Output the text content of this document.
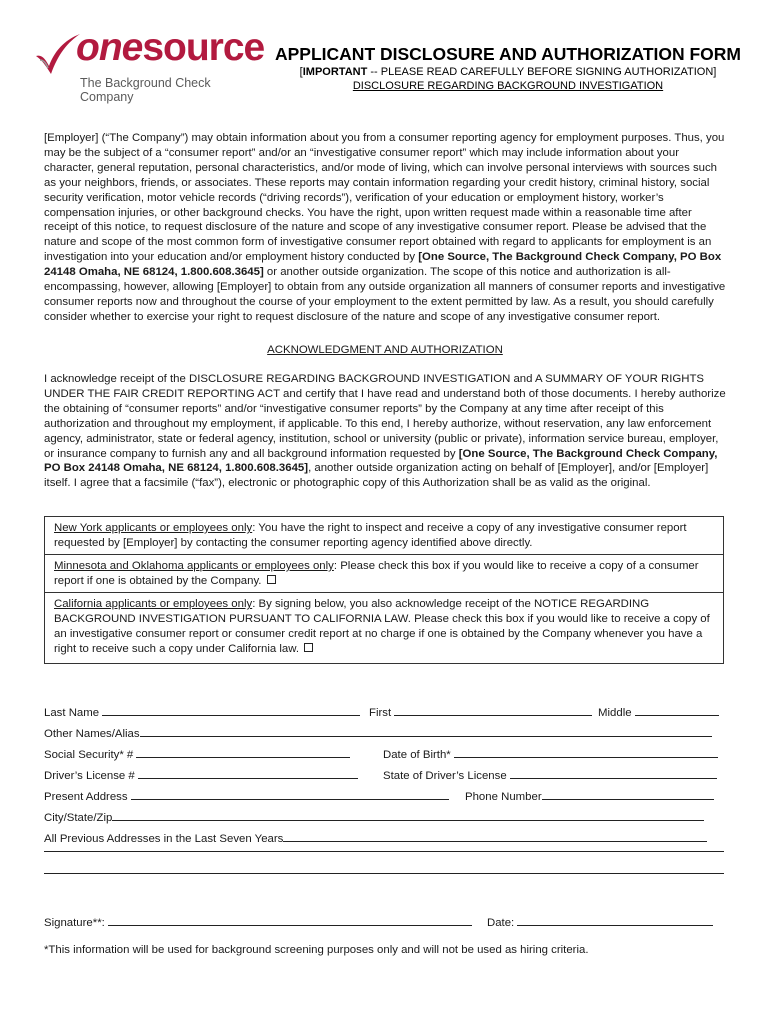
onesource
The Background Check Company
APPLICANT DISCLOSURE AND AUTHORIZATION FORM
[IMPORTANT -- PLEASE READ CAREFULLY BEFORE SIGNING AUTHORIZATION]
DISCLOSURE REGARDING BACKGROUND INVESTIGATION
[Employer] (“The Company”) may obtain information about you from a consumer reporting agency for employment purposes. Thus, you may be the subject of a “consumer report” and/or an “investigative consumer report” which may include information about your character, general reputation, personal characteristics, and/or mode of living, which can involve personal interviews with sources such as your neighbors, friends, or associates. These reports may contain information regarding your credit history, criminal history, social security verification, motor vehicle records (“driving records”), verification of your education or employment history, worker’s compensation injuries, or other background checks. You have the right, upon written request made within a reasonable time after receipt of this notice, to request disclosure of the nature and scope of any investigative consumer report. Please be advised that the nature and scope of the most common form of investigative consumer report obtained with regard to applicants for employment is an investigation into your education and/or employment history conducted by [One Source, The Background Check Company, PO Box 24148 Omaha, NE 68124, 1.800.608.3645] or another outside organization. The scope of this notice and authorization is all-encompassing, however, allowing [Employer] to obtain from any outside organization all manners of consumer reports and investigative consumer reports now and throughout the course of your employment to the extent permitted by law. As a result, you should carefully consider whether to exercise your right to request disclosure of the nature and scope of any investigative consumer report.
ACKNOWLEDGMENT AND AUTHORIZATION
I acknowledge receipt of the DISCLOSURE REGARDING BACKGROUND INVESTIGATION and A SUMMARY OF YOUR RIGHTS UNDER THE FAIR CREDIT REPORTING ACT and certify that I have read and understand both of those documents. I hereby authorize the obtaining of “consumer reports” and/or “investigative consumer reports” by the Company at any time after receipt of this authorization and throughout my employment, if applicable. To this end, I hereby authorize, without reservation, any law enforcement agency, administrator, state or federal agency, institution, school or university (public or private), information service bureau, employer, or insurance company to furnish any and all background information requested by [One Source, The Background Check Company, PO Box 24148 Omaha, NE 68124, 1.800.608.3645], another outside organization acting on behalf of [Employer], and/or [Employer] itself. I agree that a facsimile (“fax”), electronic or photographic copy of this Authorization shall be as valid as the original.
New York applicants or employees only: You have the right to inspect and receive a copy of any investigative consumer report requested by [Employer] by contacting the consumer reporting agency identified above directly.
Minnesota and Oklahoma applicants or employees only: Please check this box if you would like to receive a copy of a consumer report if one is obtained by the Company.
California applicants or employees only: By signing below, you also acknowledge receipt of the NOTICE REGARDING BACKGROUND INVESTIGATION PURSUANT TO CALIFORNIA LAW. Please check this box if you would like to receive a copy of an investigative consumer report or consumer credit report at no charge if one is obtained by the Company whenever you have a right to receive such a copy under California law.
Last Name	First	Middle
Other Names/Alias
Social Security* #	Date of Birth*
Driver’s License #	State of Driver’s License
Present Address	Phone Number
City/State/Zip
All Previous Addresses in the Last Seven Years
Signature**:	Date:
*This information will be used for background screening purposes only and will not be used as hiring criteria.
